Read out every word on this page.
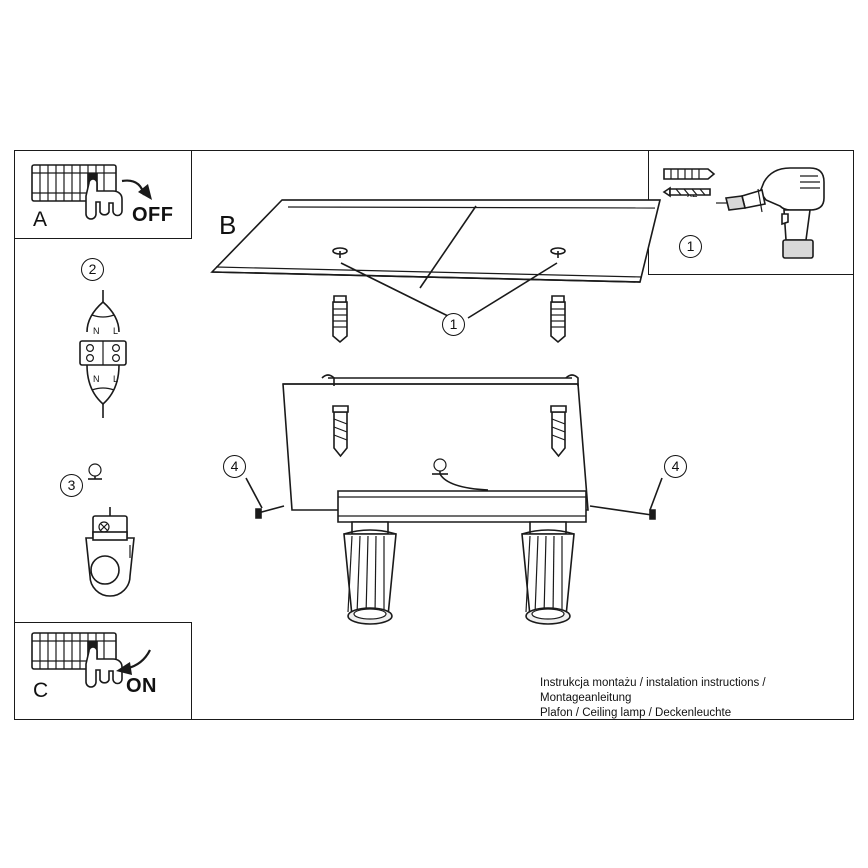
A	OFF
2
N L
N L
3
C	ON
1
B
1
4	4
Instrukcja montażu / instalation instructions / Montageanleitung
Plafon / Ceiling lamp / Deckenleuchte
